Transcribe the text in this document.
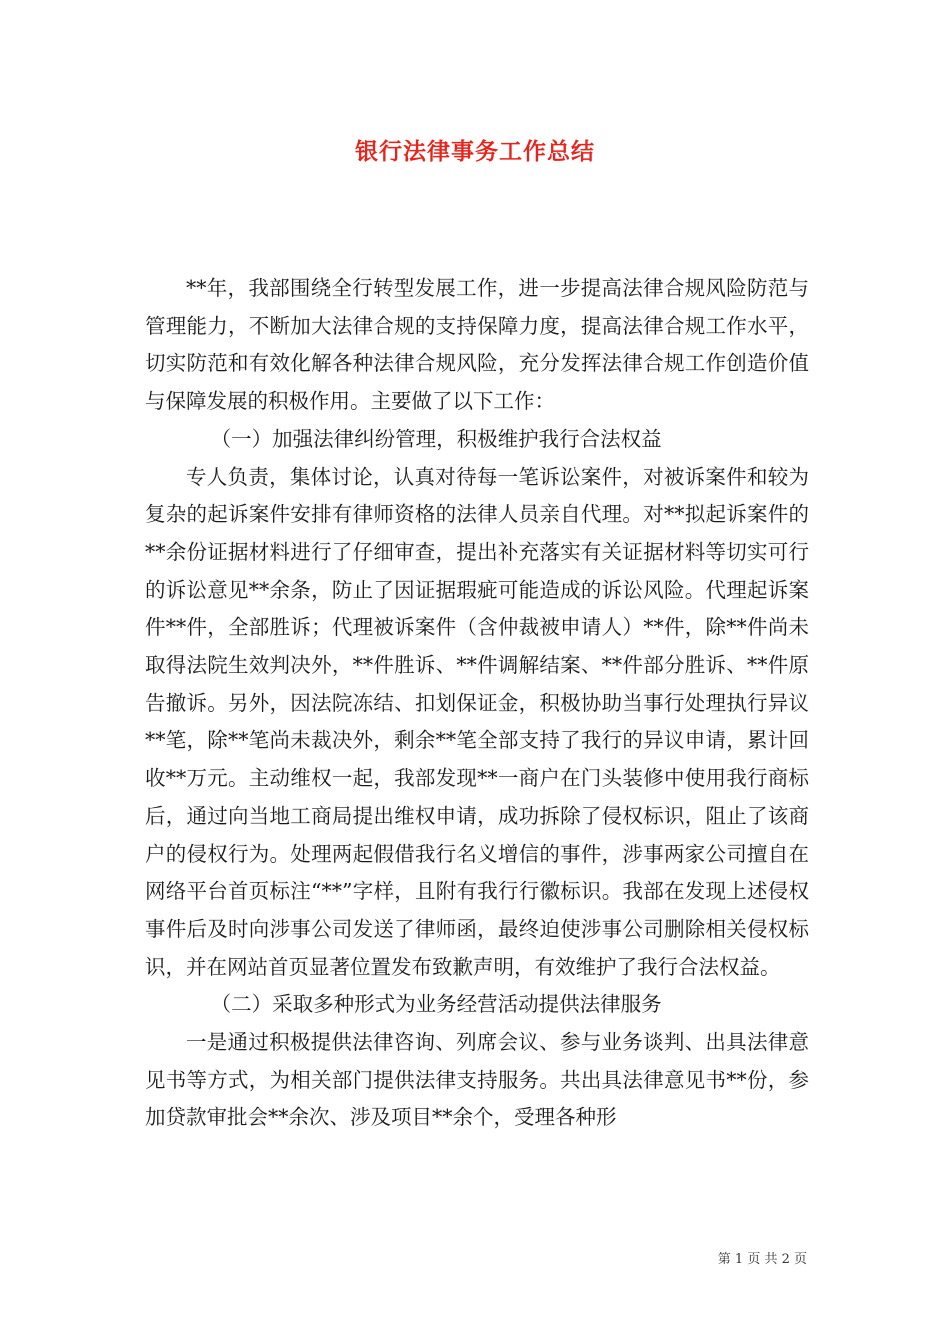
银行法律事务工作总结

**年，我部围绕全行转型发展工作，进一步提高法律合规风险防范与管理能力，不断加大法律合规的支持保障力度，提高法律合规工作水平，切实防范和有效化解各种法律合规风险，充分发挥法律合规工作创造价值与保障发展的积极作用。主要做了以下工作：

（一）加强法律纠纷管理，积极维护我行合法权益

专人负责，集体讨论，认真对待每一笔诉讼案件，对被诉案件和较为复杂的起诉案件安排有律师资格的法律人员亲自代理。对**拟起诉案件的**余份证据材料进行了仔细审查，提出补充落实有关证据材料等切实可行的诉讼意见**余条，防止了因证据瑕疵可能造成的诉讼风险。代理起诉案件**件，全部胜诉；代理被诉案件（含仲裁被申请人）**件，除**件尚未取得法院生效判决外，**件胜诉、**件调解结案、**件部分胜诉、**件原告撤诉。另外，因法院冻结、扣划保证金，积极协助当事行处理执行异议**笔，除**笔尚未裁决外，剩余**笔全部支持了我行的异议申请，累计回收**万元。主动维权一起，我部发现**一商户在门头装修中使用我行商标后，通过向当地工商局提出维权申请，成功拆除了侵权标识，阻止了该商户的侵权行为。处理两起假借我行名义增信的事件，涉事两家公司擅自在网络平台首页标注“**”字样，且附有我行行徽标识。我部在发现上述侵权事件后及时向涉事公司发送了律师函，最终迫使涉事公司删除相关侵权标识，并在网站首页显著位置发布致歉声明，有效维护了我行合法权益。

（二）采取多种形式为业务经营活动提供法律服务

一是通过积极提供法律咨询、列席会议、参与业务谈判、出具法律意见书等方式，为相关部门提供法律支持服务。共出具法律意见书**份，参加贷款审批会**余次、涉及项目**余个，受理各种形

第 1 页 共 2 页
